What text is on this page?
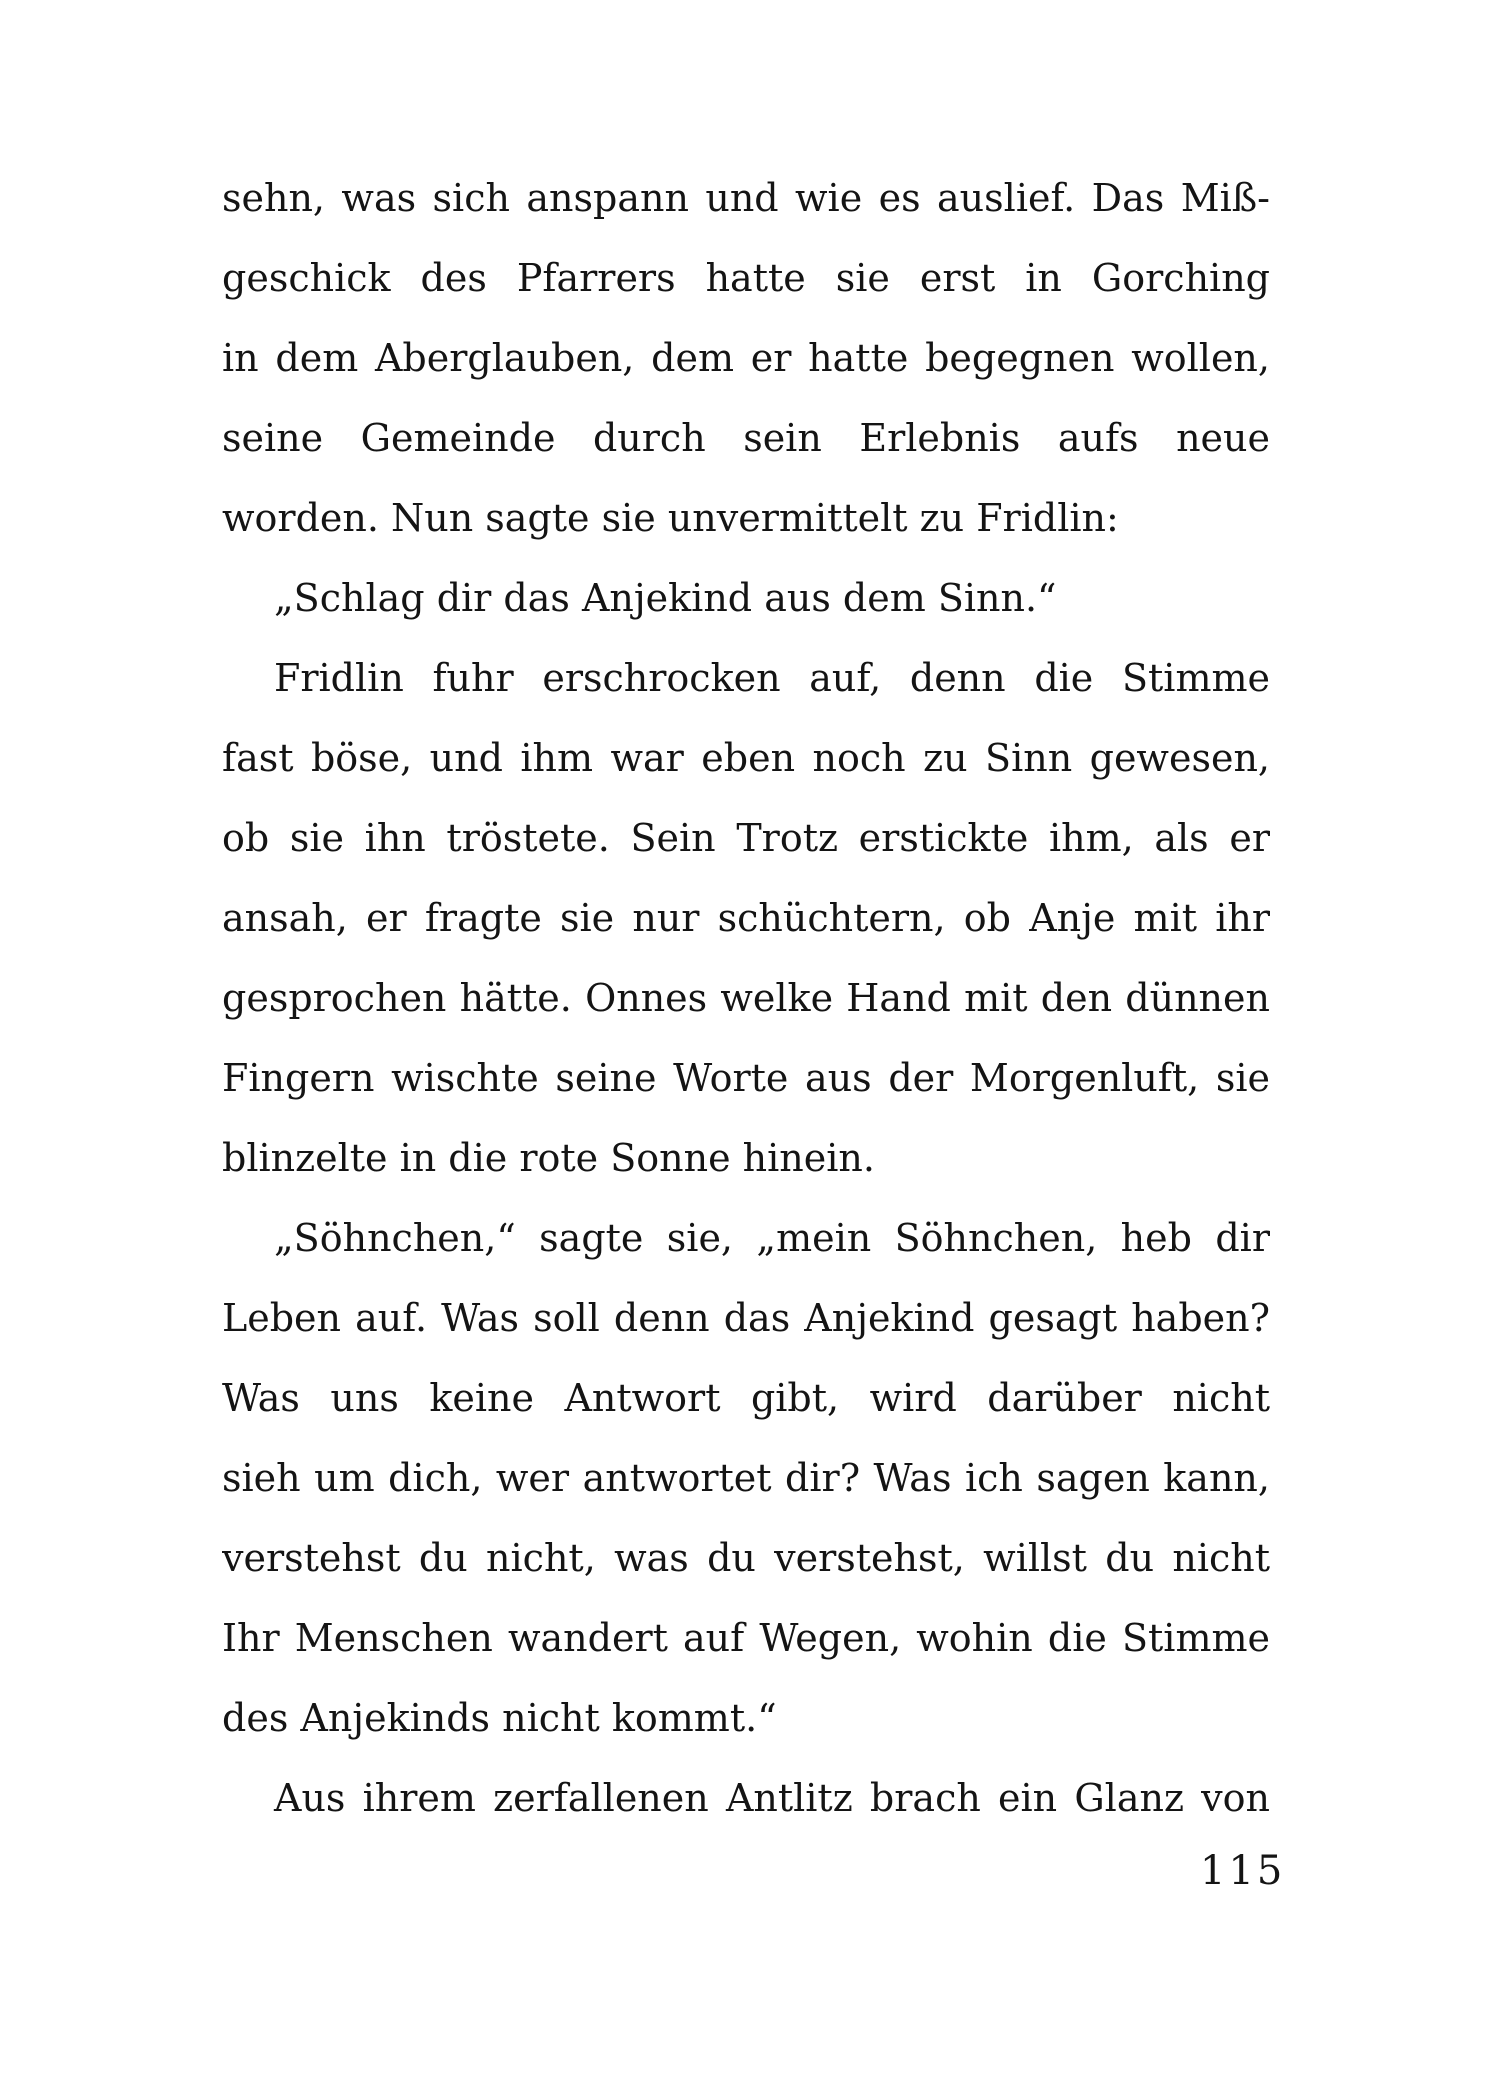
sehn, was sich anspann und wie es auslief. Das Miß-
geschick des Pfarrers hatte sie erst in Gorching
in dem Aberglauben, dem er hatte begegnen wollen,
seine Gemeinde durch sein Erlebnis aufs neue
worden. Nun sagte sie unvermittelt zu Fridlin:
„Schlag dir das Anjekind aus dem Sinn.“
Fridlin fuhr erschrocken auf, denn die Stimme
fast böse, und ihm war eben noch zu Sinn gewesen,
ob sie ihn tröstete. Sein Trotz erstickte ihm, als er
ansah, er fragte sie nur schüchtern, ob Anje mit ihr
gesprochen hätte. Onnes welke Hand mit den dünnen
Fingern wischte seine Worte aus der Morgenluft, sie
blinzelte in die rote Sonne hinein.
„Söhnchen,“ sagte sie, „mein Söhnchen, heb dir
Leben auf. Was soll denn das Anjekind gesagt haben?
Was uns keine Antwort gibt, wird darüber nicht
sieh um dich, wer antwortet dir? Was ich sagen kann,
verstehst du nicht, was du verstehst, willst du nicht
Ihr Menschen wandert auf Wegen, wohin die Stimme
des Anjekinds nicht kommt.“
Aus ihrem zerfallenen Antlitz brach ein Glanz von
115
